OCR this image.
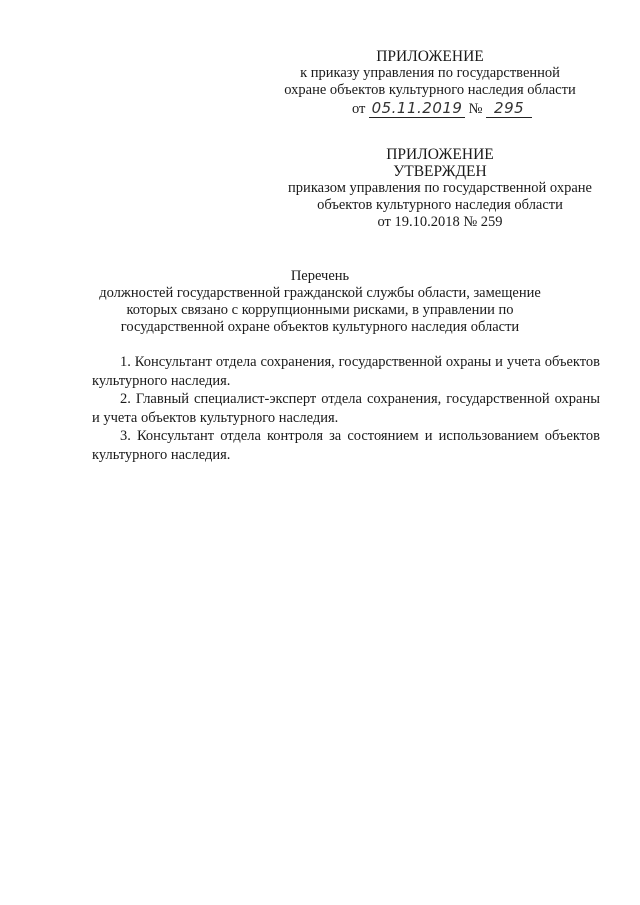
ПРИЛОЖЕНИЕ
к приказу управления по государственной
охране объектов культурного наследия области
от 05.11.2019 № 295
ПРИЛОЖЕНИЕ
УТВЕРЖДЕН
приказом управления по государственной охране
объектов культурного наследия области
от 19.10.2018 № 259
Перечень
должностей государственной гражданской службы области, замещение
которых связано с коррупционными рисками, в управлении по
государственной охране объектов культурного наследия области

1. Консультант отдела сохранения, государственной охраны и учета объектов культурного наследия.

2. Главный специалист-эксперт отдела сохранения, государственной охраны и учета объектов культурного наследия.

3. Консультант отдела контроля за состоянием и использованием объектов культурного наследия.
